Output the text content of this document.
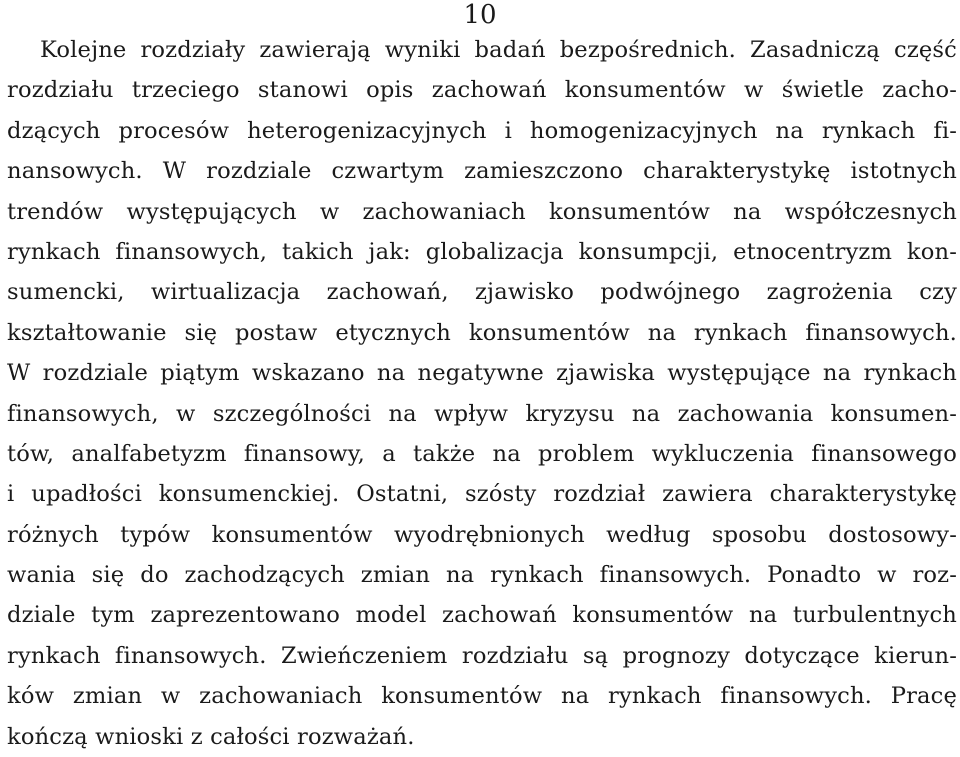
10
Kolejne rozdziały zawierają wyniki badań bezpośrednich. Zasadniczą część
rozdziału trzeciego stanowi opis zachowań konsumentów w świetle zacho-
dzących procesów heterogenizacyjnych i homogenizacyjnych na rynkach fi-
nansowych. W rozdziale czwartym zamieszczono charakterystykę istotnych
trendów występujących w zachowaniach konsumentów na współczesnych
rynkach finansowych, takich jak: globalizacja konsumpcji, etnocentryzm kon-
sumencki, wirtualizacja zachowań, zjawisko podwójnego zagrożenia czy
kształtowanie się postaw etycznych konsumentów na rynkach finansowych.
W rozdziale piątym wskazano na negatywne zjawiska występujące na rynkach
finansowych, w szczególności na wpływ kryzysu na zachowania konsumen-
tów, analfabetyzm finansowy, a także na problem wykluczenia finansowego
i upadłości konsumenckiej. Ostatni, szósty rozdział zawiera charakterystykę
różnych typów konsumentów wyodrębnionych według sposobu dostosowy-
wania się do zachodzących zmian na rynkach finansowych. Ponadto w roz-
dziale tym zaprezentowano model zachowań konsumentów na turbulentnych
rynkach finansowych. Zwieńczeniem rozdziału są prognozy dotyczące kierun-
ków zmian w zachowaniach konsumentów na rynkach finansowych. Pracę
kończą wnioski z całości rozważań.
